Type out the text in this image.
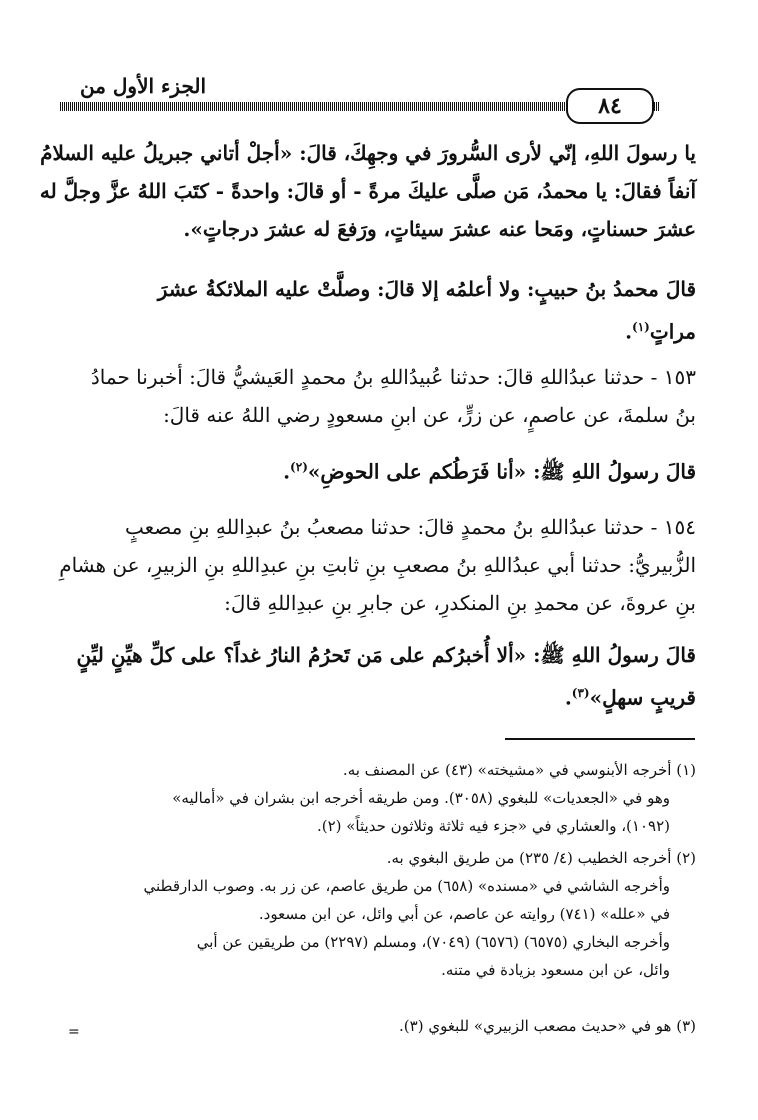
الجزء الأول من
٨٤
يا رسولَ اللهِ، إنّي لأرى السُّرورَ في وجهِكَ، قالَ: «أجلْ أتاني جبريلُ عليه السلامُ
آنفاً فقالَ: يا محمدُ، مَن صلَّى عليكَ مرةً - أو قالَ: واحدةً - كتَبَ اللهُ عزَّ وجلَّ له
عشرَ حسناتٍ، ومَحا عنه عشرَ سيئاتٍ، ورَفعَ له عشرَ درجاتٍ».
قالَ محمدُ بنُ حبيبٍ: ولا أعلمُه إلا قالَ: وصلَّتْ عليه الملائكةُ عشرَ
مراتٍ$^{(١)}$.
١٥٣ - حدثنا عبدُاللهِ قالَ: حدثنا عُبيدُاللهِ بنُ محمدٍ العَيشيُّ قالَ: أخبرنا حمادُ
بنُ سلمةَ، عن عاصمٍ، عن زرٍّ، عن ابنِ مسعودٍ رضي اللهُ عنه قالَ:
قالَ رسولُ اللهِ ﷺ: «أنا فَرَطُكم على الحوضِ»$^{(٢)}$.
١٥٤ - حدثنا عبدُاللهِ بنُ محمدٍ قالَ: حدثنا مصعبُ بنُ عبدِاللهِ بنِ مصعبٍ
الزُّبيريُّ: حدثنا أبي عبدُاللهِ بنُ مصعبِ بنِ ثابتِ بنِ عبدِاللهِ بنِ الزبيرِ، عن هشامِ
بنِ عروةَ، عن محمدِ بنِ المنكدرِ، عن جابرِ بنِ عبدِاللهِ قالَ:
قالَ رسولُ اللهِ ﷺ: «ألا أُخبرُكم على مَن تَحرُمُ النارُ غداً؟ على كلِّ هيِّنٍ ليِّنٍ
قريبٍ سهلٍ»$^{(٣)}$.
(١) أخرجه الأبنوسي في «مشيخته» (٤٣) عن المصنف به.
وهو في «الجعديات» للبغوي (٣٠٥٨). ومن طريقه أخرجه ابن بشران في «أماليه»
(١٠٩٢)، والعشاري في «جزء فيه ثلاثة وثلاثون حديثاً» (٢).
(٢) أخرجه الخطيب (٤/ ٢٣٥) من طريق البغوي به.
وأخرجه الشاشي في «مسنده» (٦٥٨) من طريق عاصم، عن زر به. وصوب الدارقطني
في «علله» (٧٤١) روايته عن عاصم، عن أبي وائل، عن ابن مسعود.
وأخرجه البخاري (٦٥٧٥) (٦٥٧٦) (٧٠٤٩)، ومسلم (٢٢٩٧) من طريقين عن أبي
وائل، عن ابن مسعود بزيادة في متنه.
(٣) هو في «حديث مصعب الزبيري» للبغوي (٣).
=
